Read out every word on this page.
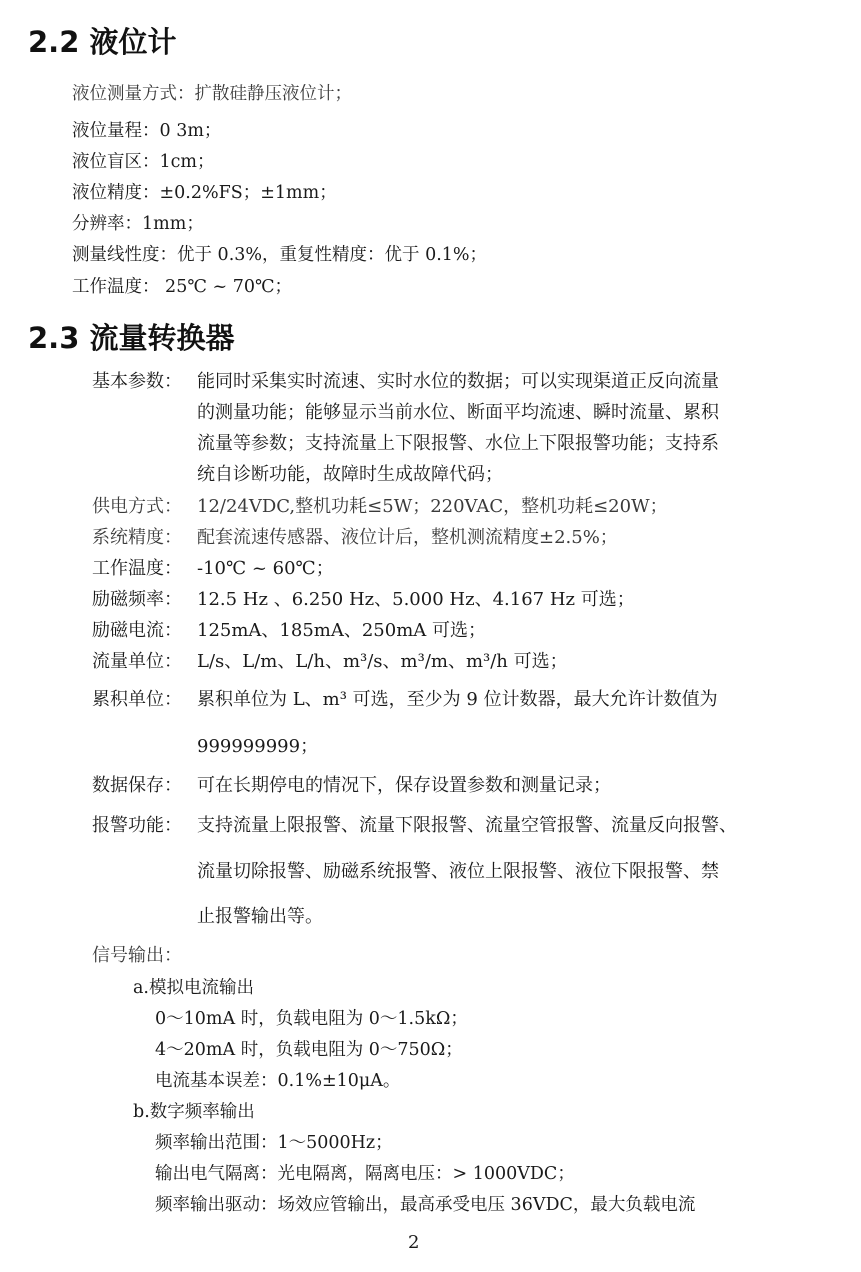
2.2 液位计
液位测量方式：扩散硅静压液位计；
液位量程：0 3m；
液位盲区：1cm；
液位精度：±0.2%FS；±1mm；
分辨率：1mm；
测量线性度：优于 0.3%，重复性精度：优于 0.1%；
工作温度： 25℃ ~ 70℃；
2.3 流量转换器
基本参数： 能同时采集实时流速、实时水位的数据；可以实现渠道正反向流量
的测量功能；能够显示当前水位、断面平均流速、瞬时流量、累积
流量等参数；支持流量上下限报警、水位上下限报警功能；支持系
统自诊断功能，故障时生成故障代码；
供电方式： 12/24VDC,整机功耗≤5W；220VAC，整机功耗≤20W；
系统精度： 配套流速传感器、液位计后，整机测流精度±2.5%；
工作温度： -10℃ ~ 60℃；
励磁频率： 12.5 Hz 、6.250 Hz、5.000 Hz、4.167 Hz 可选；
励磁电流： 125mA、185mA、250mA 可选；
流量单位： L/s、L/m、L/h、m³/s、m³/m、m³/h 可选；
累积单位： 累积单位为 L、m³ 可选，至少为 9 位计数器，最大允许计数值为
999999999；
数据保存： 可在长期停电的情况下，保存设置参数和测量记录；
报警功能： 支持流量上限报警、流量下限报警、流量空管报警、流量反向报警、
流量切除报警、励磁系统报警、液位上限报警、液位下限报警、禁
止报警输出等。
信号输出：
a.模拟电流输出
0～10mA 时，负载电阻为 0～1.5kΩ；
4～20mA 时，负载电阻为 0～750Ω；
电流基本误差：0.1%±10μA。
b.数字频率输出
频率输出范围：1～5000Hz；
输出电气隔离：光电隔离，隔离电压：> 1000VDC；
频率输出驱动：场效应管输出，最高承受电压 36VDC，最大负载电流
2
